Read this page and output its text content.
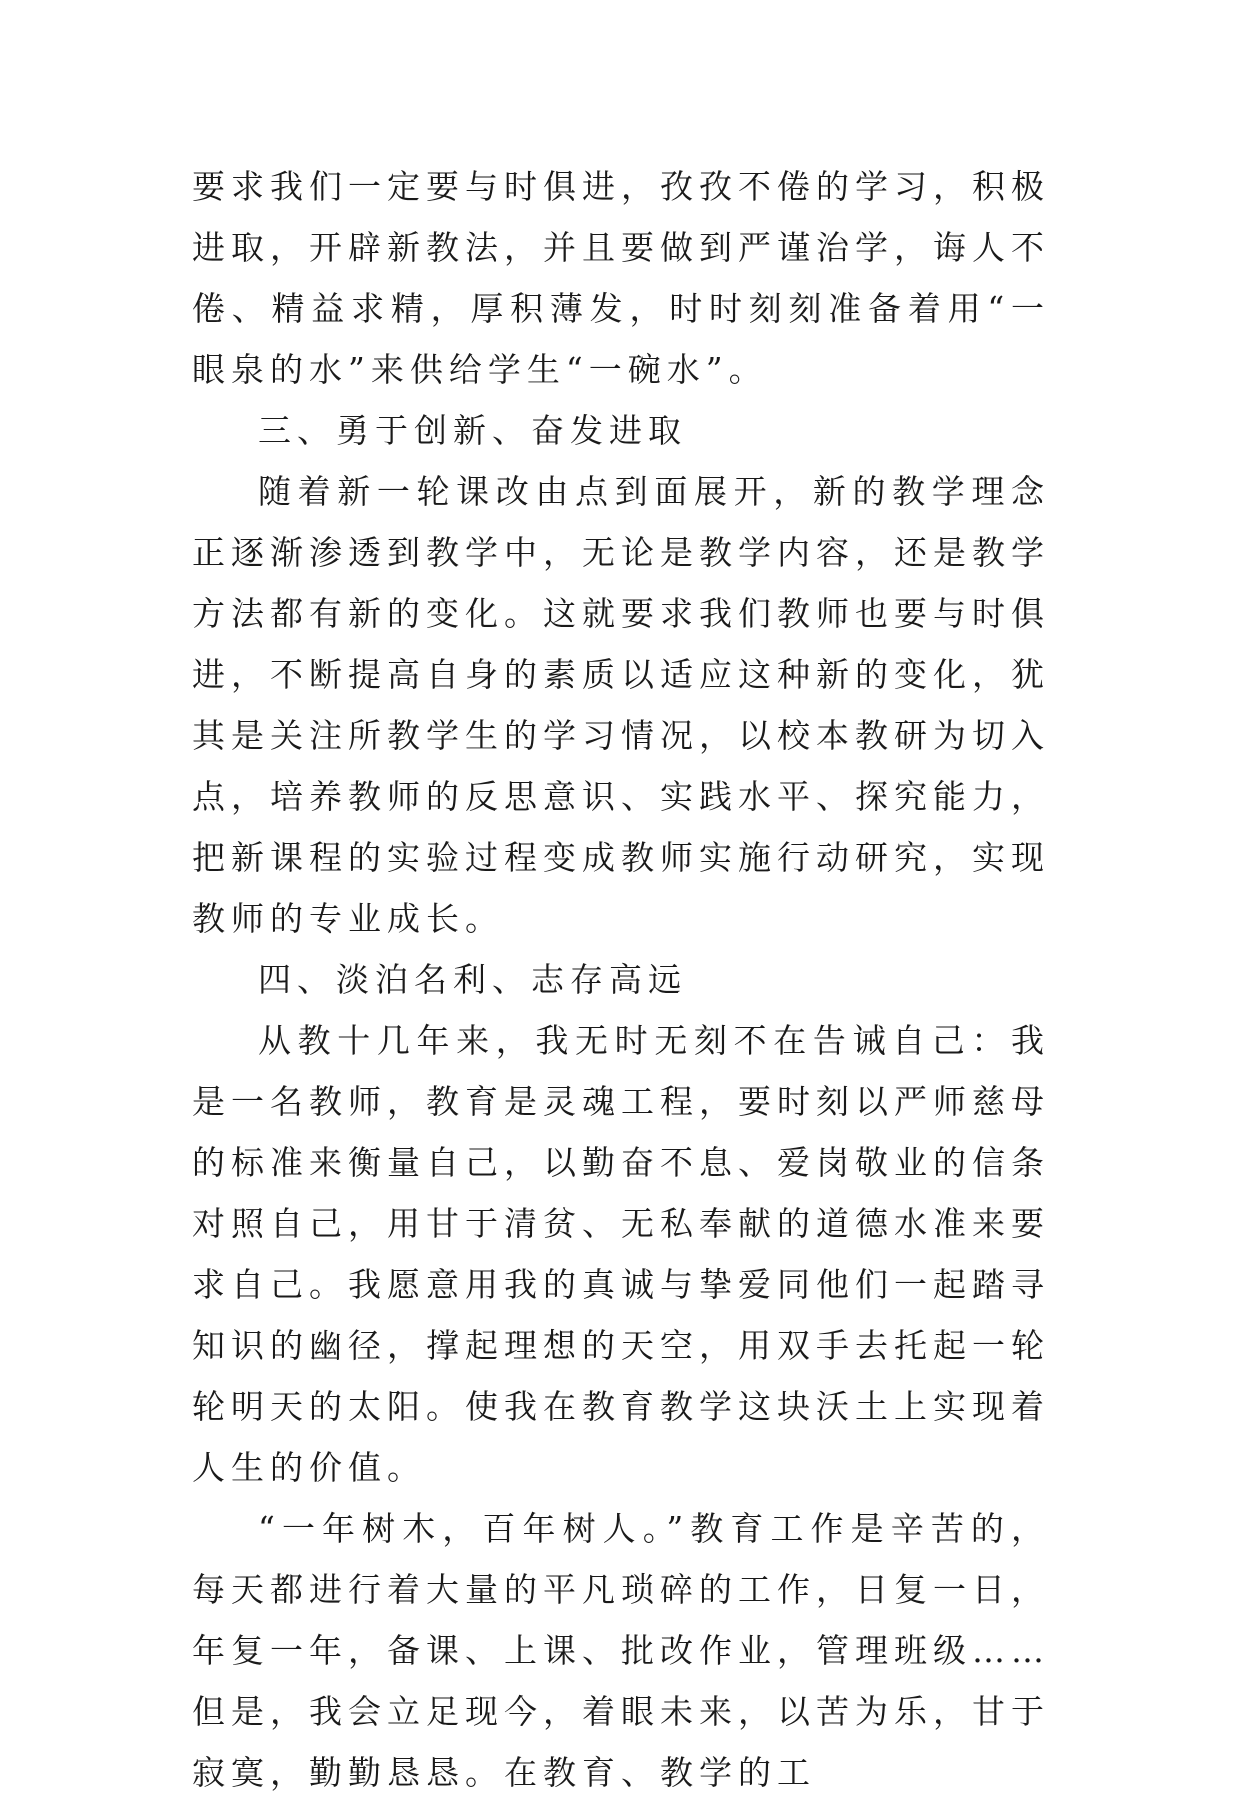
要求我们一定要与时俱进，孜孜不倦的学习，积极进取，开辟新教法，并且要做到严谨治学，诲人不倦、精益求精，厚积薄发，时时刻刻准备着用“一眼泉的水”来供给学生“一碗水”。

三、勇于创新、奋发进取

随着新一轮课改由点到面展开，新的教学理念正逐渐渗透到教学中，无论是教学内容，还是教学方法都有新的变化。这就要求我们教师也要与时俱进，不断提高自身的素质以适应这种新的变化，犹其是关注所教学生的学习情况，以校本教研为切入点，培养教师的反思意识、实践水平、探究能力，把新课程的实验过程变成教师实施行动研究，实现教师的专业成长。

四、淡泊名利、志存高远

从教十几年来，我无时无刻不在告诫自己：我是一名教师，教育是灵魂工程，要时刻以严师慈母的标准来衡量自己，以勤奋不息、爱岗敬业的信条对照自己，用甘于清贫、无私奉献的道德水准来要求自己。我愿意用我的真诚与挚爱同他们一起踏寻知识的幽径，撑起理想的天空，用双手去托起一轮轮明天的太阳。使我在教育教学这块沃土上实现着人生的价值。

“一年树木，百年树人。”教育工作是辛苦的，每天都进行着大量的平凡琐碎的工作，日复一日，年复一年，备课、上课、批改作业，管理班级……但是，我会立足现今，着眼未来，以苦为乐，甘于寂寞，勤勤恳恳。在教育、教学的工
